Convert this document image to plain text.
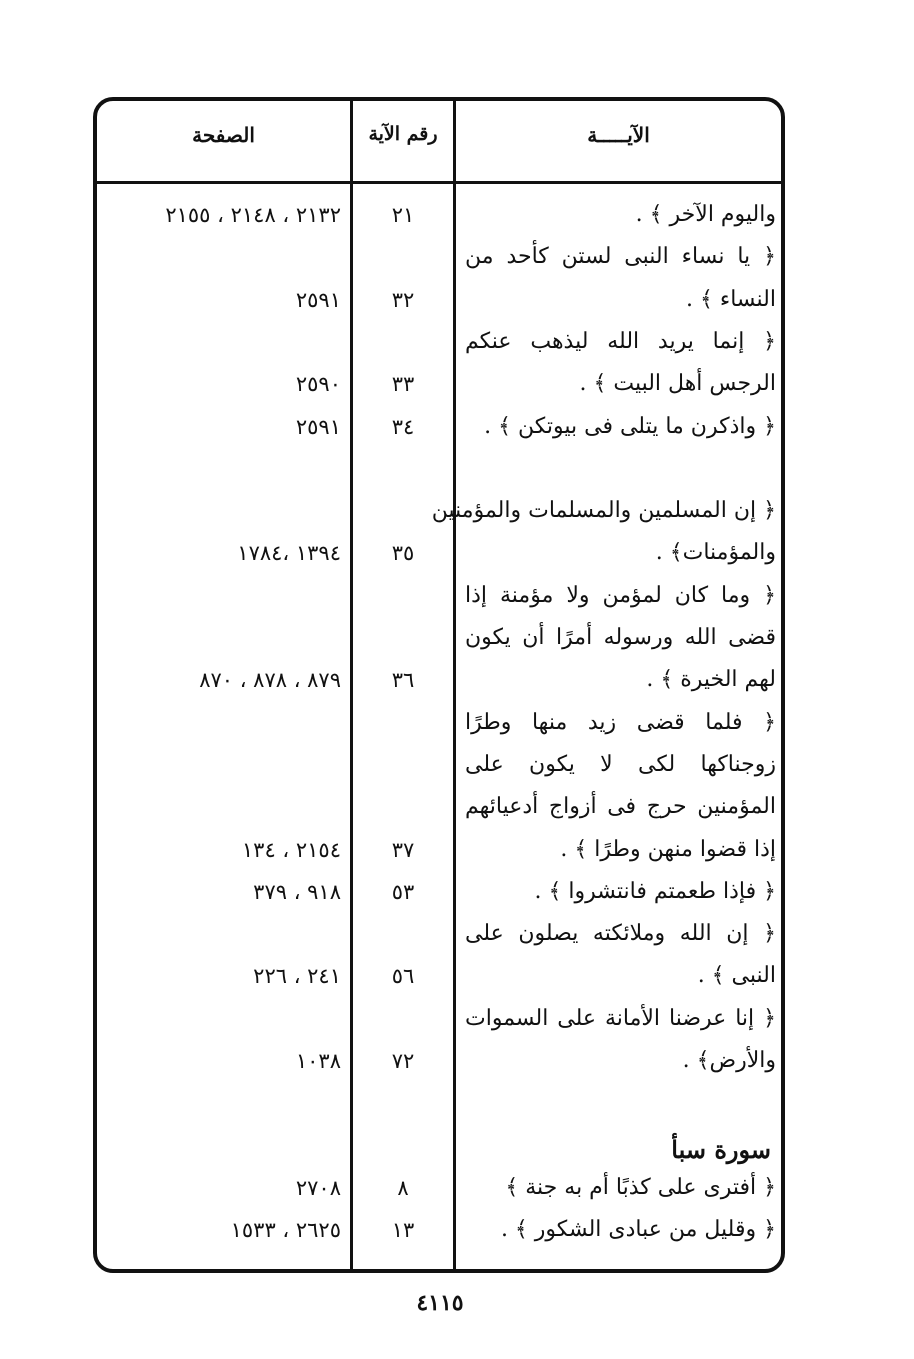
الصفحة	رقم الآية	الآيـــــة
٢١٣٢ ، ٢١٤٨ ، ٢١٥٥	٢١	واليوم الآخر ﴾ .
﴿ يا نساء النبى لستن كأحد من
٢٥٩١	٣٢	النساء ﴾ .
﴿ إنما يريد الله ليذهب عنكم
٢٥٩٠	٣٣	الرجس أهل البيت ﴾ .
٢٥٩١	٣٤	﴿ واذكرن ما يتلى فى بيوتكن ﴾ .
﴿ إن المسلمين والمسلمات والمؤمنين
١٣٩٤ ،١٧٨٤	٣٥	والمؤمنات﴾ .
﴿ وما كان لمؤمن ولا مؤمنة إذا
قضى الله ورسوله أمرًا أن يكون
٨٧٩ ، ٨٧٨ ، ٨٧٠	٣٦	لهم الخيرة ﴾ .
﴿ فلما قضى زيد منها وطرًا
زوجناكها لكى لا يكون على
المؤمنين حرج فى أزواج أدعيائهم
٢١٥٤ ، ١٣٤	٣٧	إذا قضوا منهن وطرًا ﴾ .
٩١٨ ، ٣٧٩	٥٣	﴿ فإذا طعمتم فانتشروا ﴾ .
﴿ إن الله وملائكته يصلون على
٢٤١ ، ٢٢٦	٥٦	النبى ﴾ .
﴿ إنا عرضنا الأمانة على السموات
١٠٣٨	٧٢	والأرض﴾ .
سورة سبأ
٢٧٠٨	٨	﴿ أفترى على كذبًا أم به جنة ﴾
٢٦٢٥ ، ١٥٣٣	١٣	﴿ وقليل من عبادى الشكور ﴾ .
٤١١٥
